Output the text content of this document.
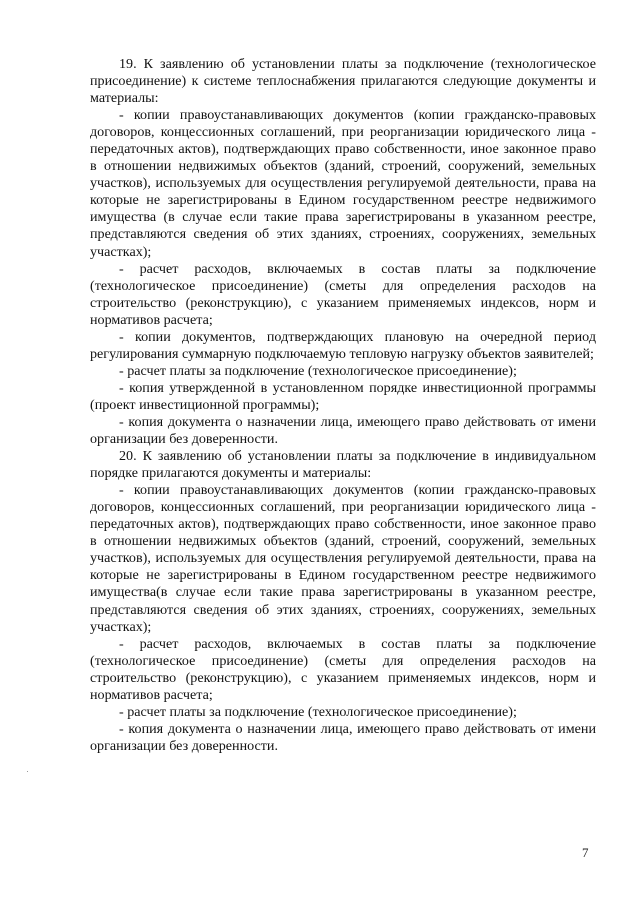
19. К заявлению об установлении платы за подключение (технологическое присоединение) к системе теплоснабжения прилагаются следующие документы и материалы:

- копии правоустанавливающих документов (копии гражданско-правовых договоров, концессионных соглашений, при реорганизации юридического лица - передаточных актов), подтверждающих право собственности, иное законное право в отношении недвижимых объектов (зданий, строений, сооружений, земельных участков), используемых для осуществления регулируемой деятельности, права на которые не зарегистрированы в Едином государственном реестре недвижимого имущества (в случае если такие права зарегистрированы в указанном реестре, представляются сведения об этих зданиях, строениях, сооружениях, земельных участках);

- расчет расходов, включаемых в состав платы за подключение (технологическое присоединение) (сметы для определения расходов на строительство (реконструкцию), с указанием применяемых индексов, норм и нормативов расчета;

- копии документов, подтверждающих плановую на очередной период регулирования суммарную подключаемую тепловую нагрузку объектов заявителей;

- расчет платы за подключение (технологическое присоединение);

- копия утвержденной в установленном порядке инвестиционной программы (проект инвестиционной программы);

- копия документа о назначении лица, имеющего право действовать от имени организации без доверенности.

20. К заявлению об установлении платы за подключение в индивидуальном порядке прилагаются документы и материалы:

- копии правоустанавливающих документов (копии гражданско-правовых договоров, концессионных соглашений, при реорганизации юридического лица - передаточных актов), подтверждающих право собственности, иное законное право в отношении недвижимых объектов (зданий, строений, сооружений, земельных участков), используемых для осуществления регулируемой деятельности, права на которые не зарегистрированы в Едином государственном реестре недвижимого имущества(в случае если такие права зарегистрированы в указанном реестре, представляются сведения об этих зданиях, строениях, сооружениях, земельных участках);

- расчет расходов, включаемых в состав платы за подключение (технологическое присоединение) (сметы для определения расходов на строительство (реконструкцию), с указанием применяемых индексов, норм и нормативов расчета;

- расчет платы за подключение (технологическое присоединение);

- копия документа о назначении лица, имеющего право действовать от имени организации без доверенности.

7
